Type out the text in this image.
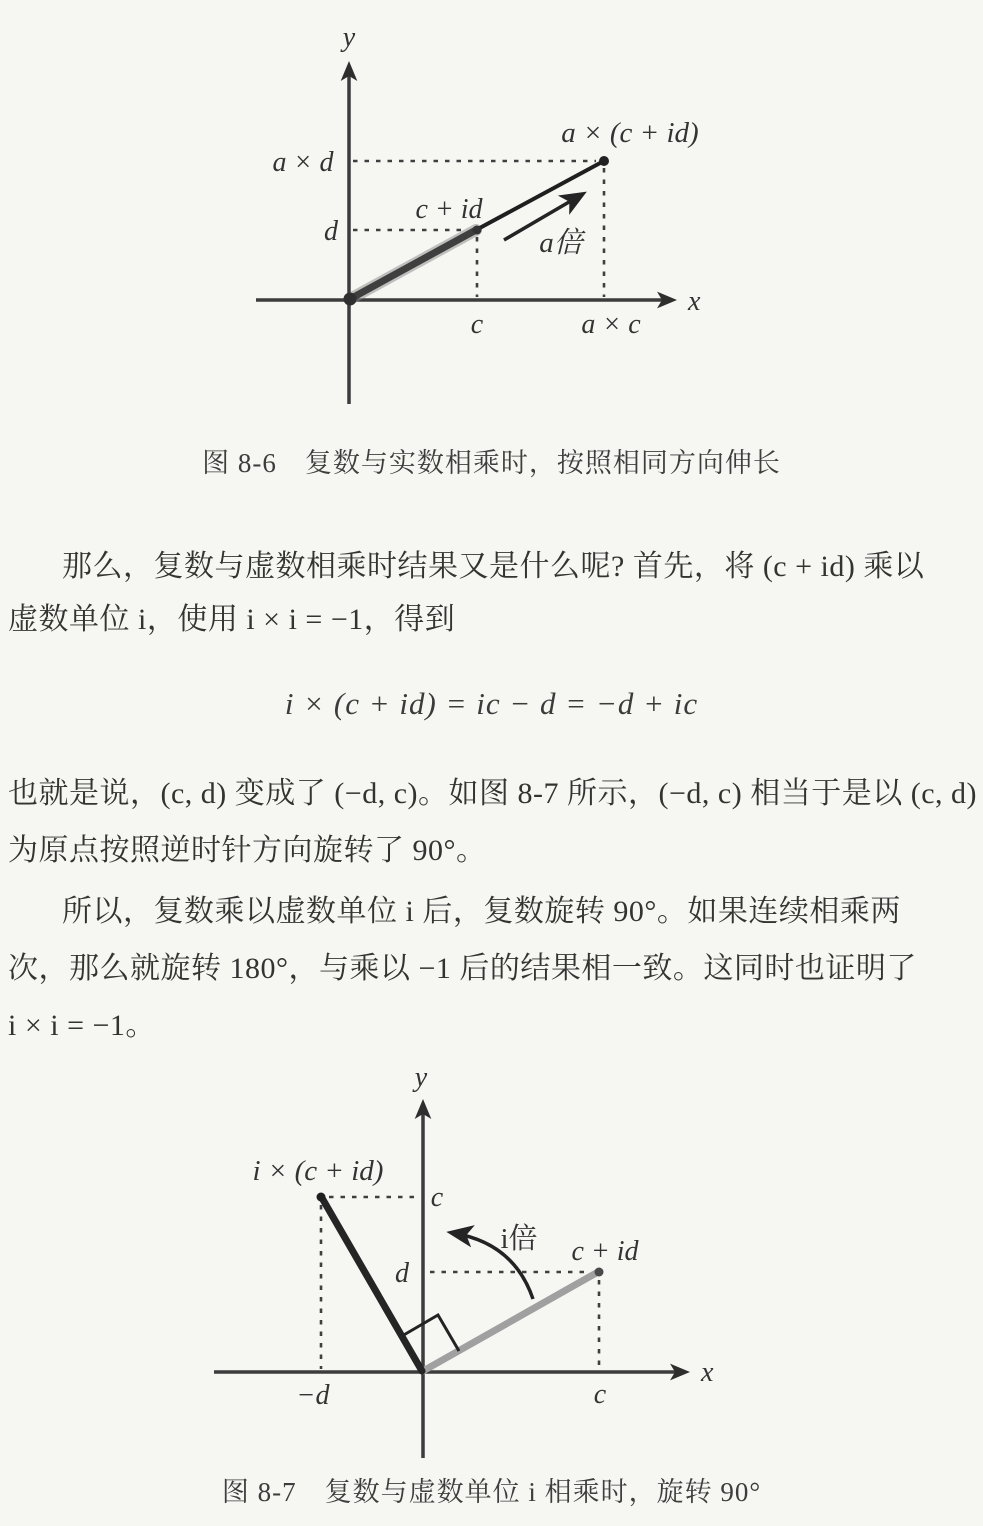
y
x
a × d
d
c + id
a × (c + id)
c	a × c
a倍
图 8-6　复数与实数相乘时，按照相同方向伸长
那么，复数与虚数相乘时结果又是什么呢? 首先，将 (c + id) 乘以
虚数单位 i，使用 i × i = −1，得到
i × (c + id) = ic − d = −d + ic
也就是说，(c, d) 变成了 (−d, c)。如图 8-7 所示，(−d, c) 相当于是以 (c, d)
为原点按照逆时针方向旋转了 90°。
所以，复数乘以虚数单位 i 后，复数旋转 90°。如果连续相乘两
次，那么就旋转 180°，与乘以 −1 后的结果相一致。这同时也证明了
i × i = −1。
y
x
i × (c + id)
c
d
−d	c
c + id
i倍
图 8-7　复数与虚数单位 i 相乘时，旋转 90°
